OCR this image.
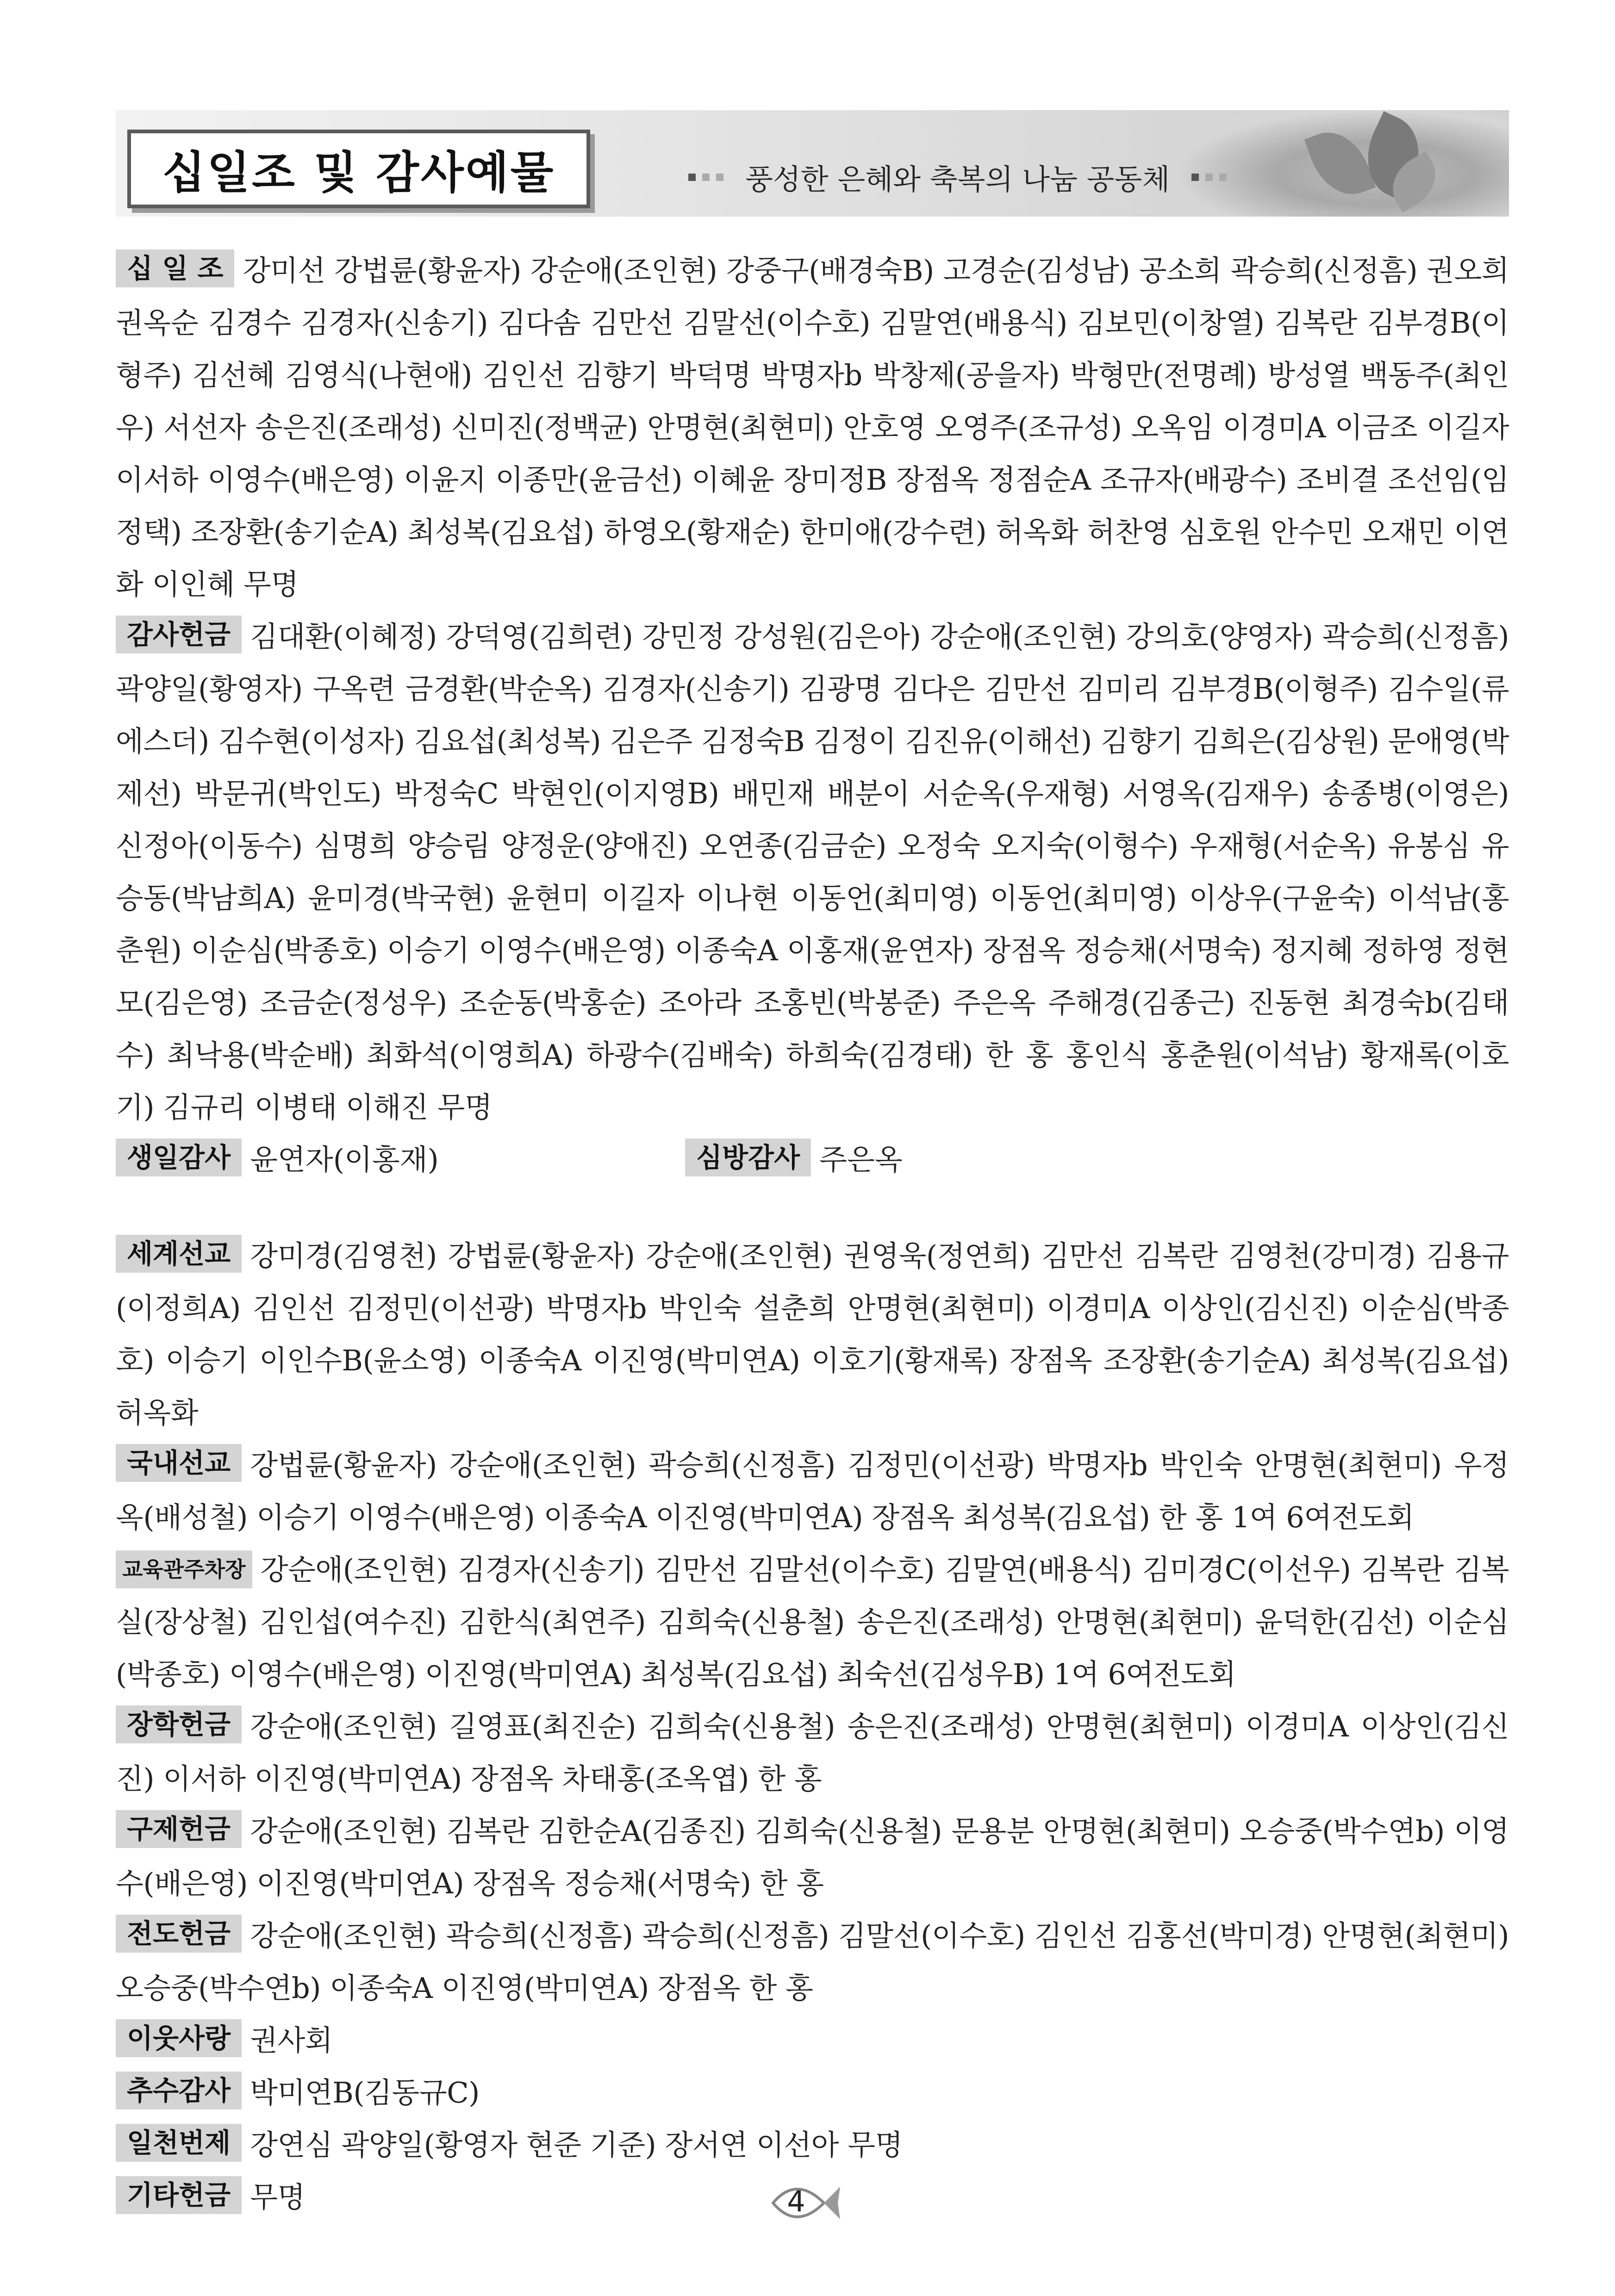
십일조 및 감사예물	풍성한 은혜와 축복의 나눔 공동체
십 일 조 강미선 강법륜(황윤자) 강순애(조인현) 강중구(배경숙B) 고경순(김성남) 공소희 곽승희(신정흠) 권오희 권옥순 김경수 김경자(신송기) 김다솜 김만선 김말선(이수호) 김말연(배용식) 김보민(이창열) 김복란 김부경B(이형주) 김선혜 김영식(나현애) 김인선 김향기 박덕명 박명자b 박창제(공을자) 박형만(전명례) 방성열 백동주(최인우) 서선자 송은진(조래성) 신미진(정백균) 안명현(최현미) 안호영 오영주(조규성) 오옥임 이경미A 이금조 이길자 이서하 이영수(배은영) 이윤지 이종만(윤금선) 이혜윤 장미정B 장점옥 정점순A 조규자(배광수) 조비결 조선임(임정택) 조장환(송기순A) 최성복(김요섭) 하영오(황재순) 한미애(강수련) 허옥화 허찬영 심호원 안수민 오재민 이연화 이인혜 무명
감사헌금 김대환(이혜정) 강덕영(김희련) 강민정 강성원(김은아) 강순애(조인현) 강의호(양영자) 곽승희(신정흠) 곽양일(황영자) 구옥련 금경환(박순옥) 김경자(신송기) 김광명 김다은 김만선 김미리 김부경B(이형주) 김수일(류에스더) 김수현(이성자) 김요섭(최성복) 김은주 김정숙B 김정이 김진유(이해선) 김향기 김희은(김상원) 문애영(박제선) 박문귀(박인도) 박정숙C 박현인(이지영B) 배민재 배분이 서순옥(우재형) 서영옥(김재우) 송종병(이영은) 신정아(이동수) 심명희 양승림 양정운(양애진) 오연종(김금순) 오정숙 오지숙(이형수) 우재형(서순옥) 유봉심 유승동(박남희A) 윤미경(박국현) 윤현미 이길자 이나현 이동언(최미영) 이동언(최미영) 이상우(구윤숙) 이석남(홍춘원) 이순심(박종호) 이승기 이영수(배은영) 이종숙A 이홍재(윤연자) 장점옥 정승채(서명숙) 정지혜 정하영 정현모(김은영) 조금순(정성우) 조순동(박홍순) 조아라 조홍빈(박봉준) 주은옥 주해경(김종근) 진동현 최경숙b(김태수) 최낙용(박순배) 최화석(이영희A) 하광수(김배숙) 하희숙(김경태) 한 홍 홍인식 홍춘원(이석남) 황재록(이호기) 김규리 이병태 이해진 무명
생일감사 윤연자(이홍재)	심방감사 주은옥
세계선교 강미경(김영천) 강법륜(황윤자) 강순애(조인현) 권영욱(정연희) 김만선 김복란 김영천(강미경) 김용규(이정희A) 김인선 김정민(이선광) 박명자b 박인숙 설춘희 안명현(최현미) 이경미A 이상인(김신진) 이순심(박종호) 이승기 이인수B(윤소영) 이종숙A 이진영(박미연A) 이호기(황재록) 장점옥 조장환(송기순A) 최성복(김요섭) 허옥화
국내선교 강법륜(황윤자) 강순애(조인현) 곽승희(신정흠) 김정민(이선광) 박명자b 박인숙 안명현(최현미) 우정옥(배성철) 이승기 이영수(배은영) 이종숙A 이진영(박미연A) 장점옥 최성복(김요섭) 한 홍 1여 6여전도회
교육관주차장 강순애(조인현) 김경자(신송기) 김만선 김말선(이수호) 김말연(배용식) 김미경C(이선우) 김복란 김복실(장상철) 김인섭(여수진) 김한식(최연주) 김희숙(신용철) 송은진(조래성) 안명현(최현미) 윤덕한(김선) 이순심(박종호) 이영수(배은영) 이진영(박미연A) 최성복(김요섭) 최숙선(김성우B) 1여 6여전도회
장학헌금 강순애(조인현) 길영표(최진순) 김희숙(신용철) 송은진(조래성) 안명현(최현미) 이경미A 이상인(김신진) 이서하 이진영(박미연A) 장점옥 차태홍(조옥엽) 한 홍
구제헌금 강순애(조인현) 김복란 김한순A(김종진) 김희숙(신용철) 문용분 안명현(최현미) 오승중(박수연b) 이영수(배은영) 이진영(박미연A) 장점옥 정승채(서명숙) 한 홍
전도헌금 강순애(조인현) 곽승희(신정흠) 곽승희(신정흠) 김말선(이수호) 김인선 김홍선(박미경) 안명현(최현미) 오승중(박수연b) 이종숙A 이진영(박미연A) 장점옥 한 홍
이웃사랑 권사회
추수감사 박미연B(김동규C)
일천번제 강연심 곽양일(황영자 현준 기준) 장서연 이선아 무명
기타헌금 무명	4
